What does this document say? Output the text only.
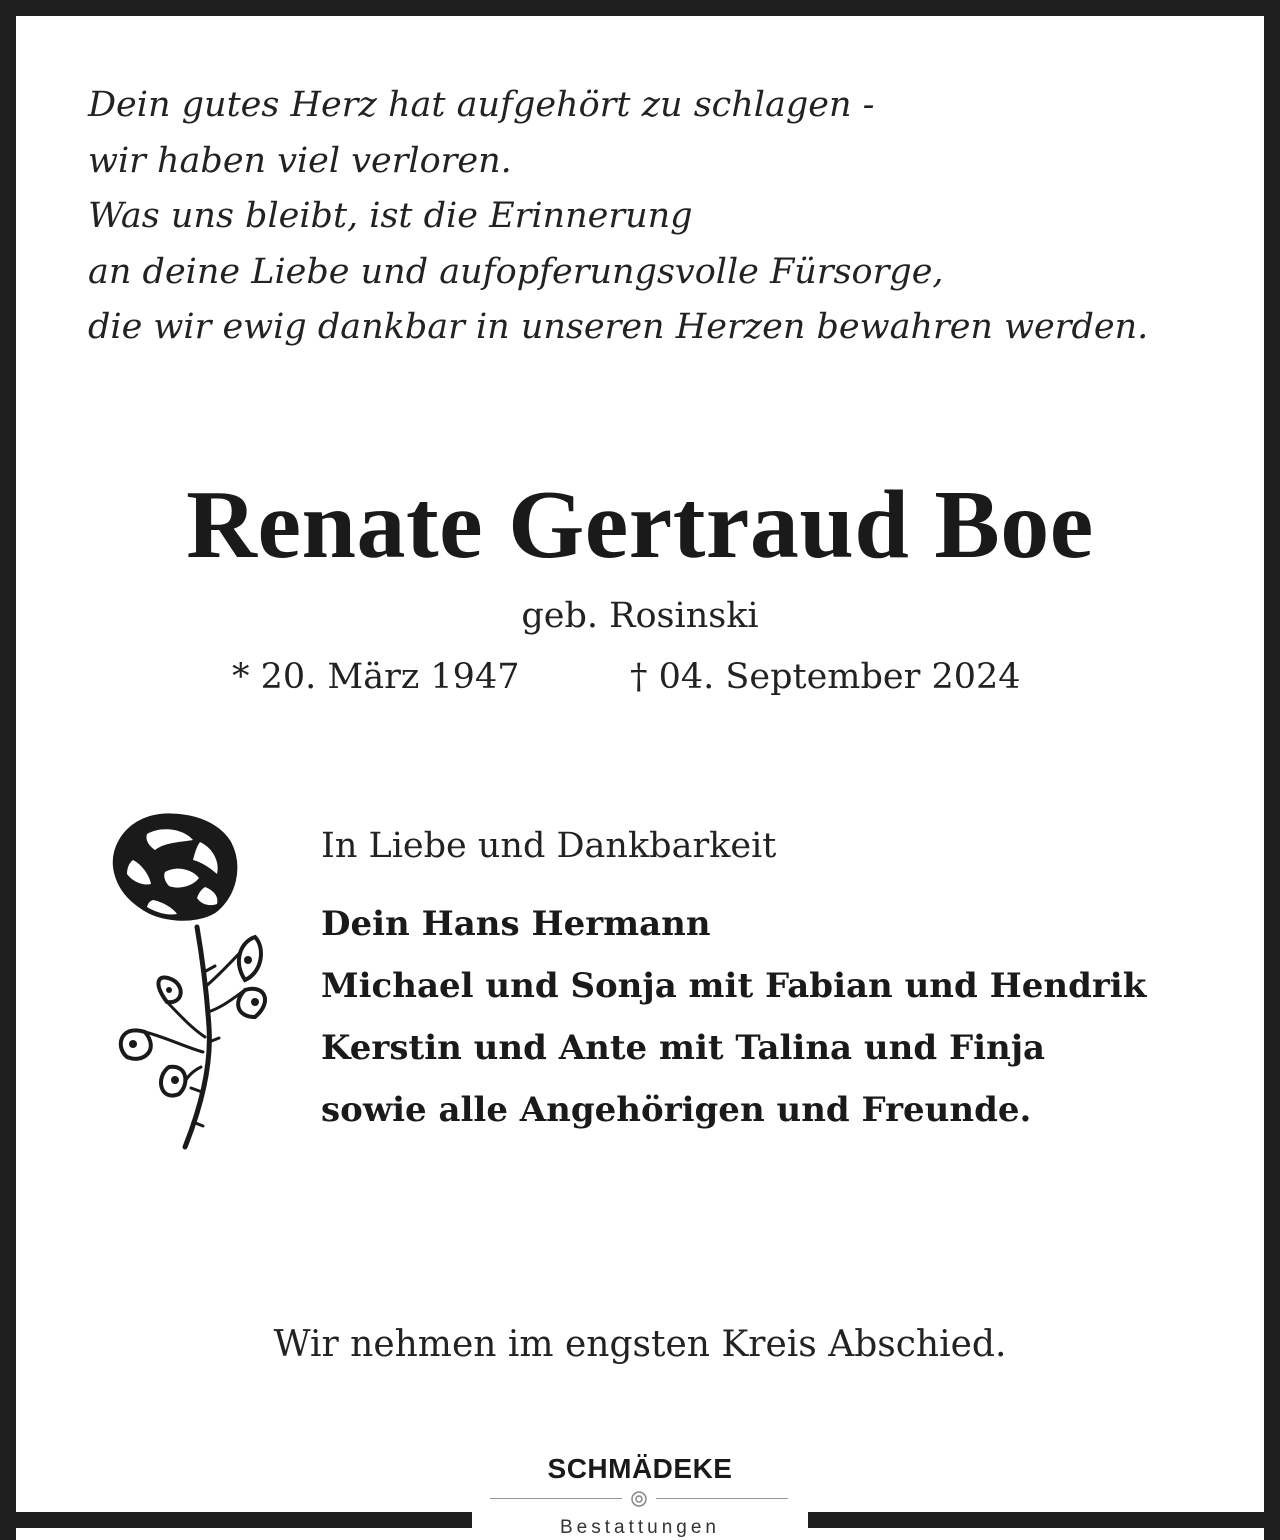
Dein gutes Herz hat aufgehört zu schlagen -
wir haben viel verloren.
Was uns bleibt, ist die Erinnerung
an deine Liebe und aufopferungsvolle Fürsorge,
die wir ewig dankbar in unseren Herzen bewahren werden.
Renate Gertraud Boe
geb. Rosinski
* 20. März 1947	† 04. September 2024
In Liebe und Dankbarkeit
Dein Hans Hermann
Michael und Sonja mit Fabian und Hendrik
Kerstin und Ante mit Talina und Finja
sowie alle Angehörigen und Freunde.
Wir nehmen im engsten Kreis Abschied.
SCHMÄDEKE
Bestattungen
